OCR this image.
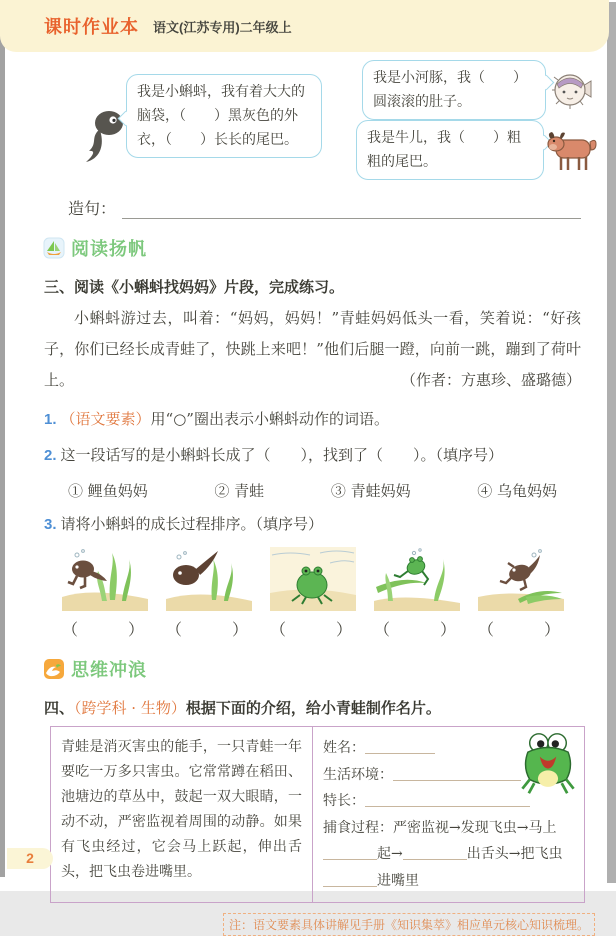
课时作业本 语文(江苏专用)二年级上
我是小蝌蚪，我有着大大的脑袋，（　　）黑灰色的外衣，（　　）长长的尾巴。
我是小河豚，我（　　）圆滚滚的肚子。
我是牛儿，我（　　）粗粗的尾巴。
造句：
阅读扬帆
三、阅读《小蝌蚪找妈妈》片段，完成练习。

小蝌蚪游过去，叫着：“妈妈，妈妈！”青蛙妈妈低头一看，笑着说：“好孩子，你们已经长成青蛙了，快跳上来吧！”他们后腿一蹬，向前一跳，蹦到了荷叶上。	（作者：方惠珍、盛璐德）

1. （语文要素）用“○”圈出表示小蝌蚪动作的词语。
2. 这一段话写的是小蝌蚪长成了（　　），找到了（　　）。（填序号）
① 鲤鱼妈妈	② 青蛙	③ 青蛙妈妈	④ 乌龟妈妈
3. 请将小蝌蚪的成长过程排序。（填序号）
（　　） （　　） （　　） （　　） （　　）
思维冲浪
四、（跨学科 · 生物）根据下面的介绍，给小青蛙制作名片。
青蛙是消灭害虫的能手，一只青蛙一年要吃一万多只害虫。它常常蹲在稻田、池塘边的草丛中，鼓起一双大眼睛，一动不动，严密监视着周围的动静。如果有飞虫经过，它会马上跃起，伸出舌头，把飞虫卷进嘴里。
姓名：
生活环境：
特长：
捕食过程：严密监视→发现飞虫→马上起→	出舌头→把飞虫进嘴里
注：语文要素具体讲解见手册《知识集萃》相应单元核心知识梳理。
2
